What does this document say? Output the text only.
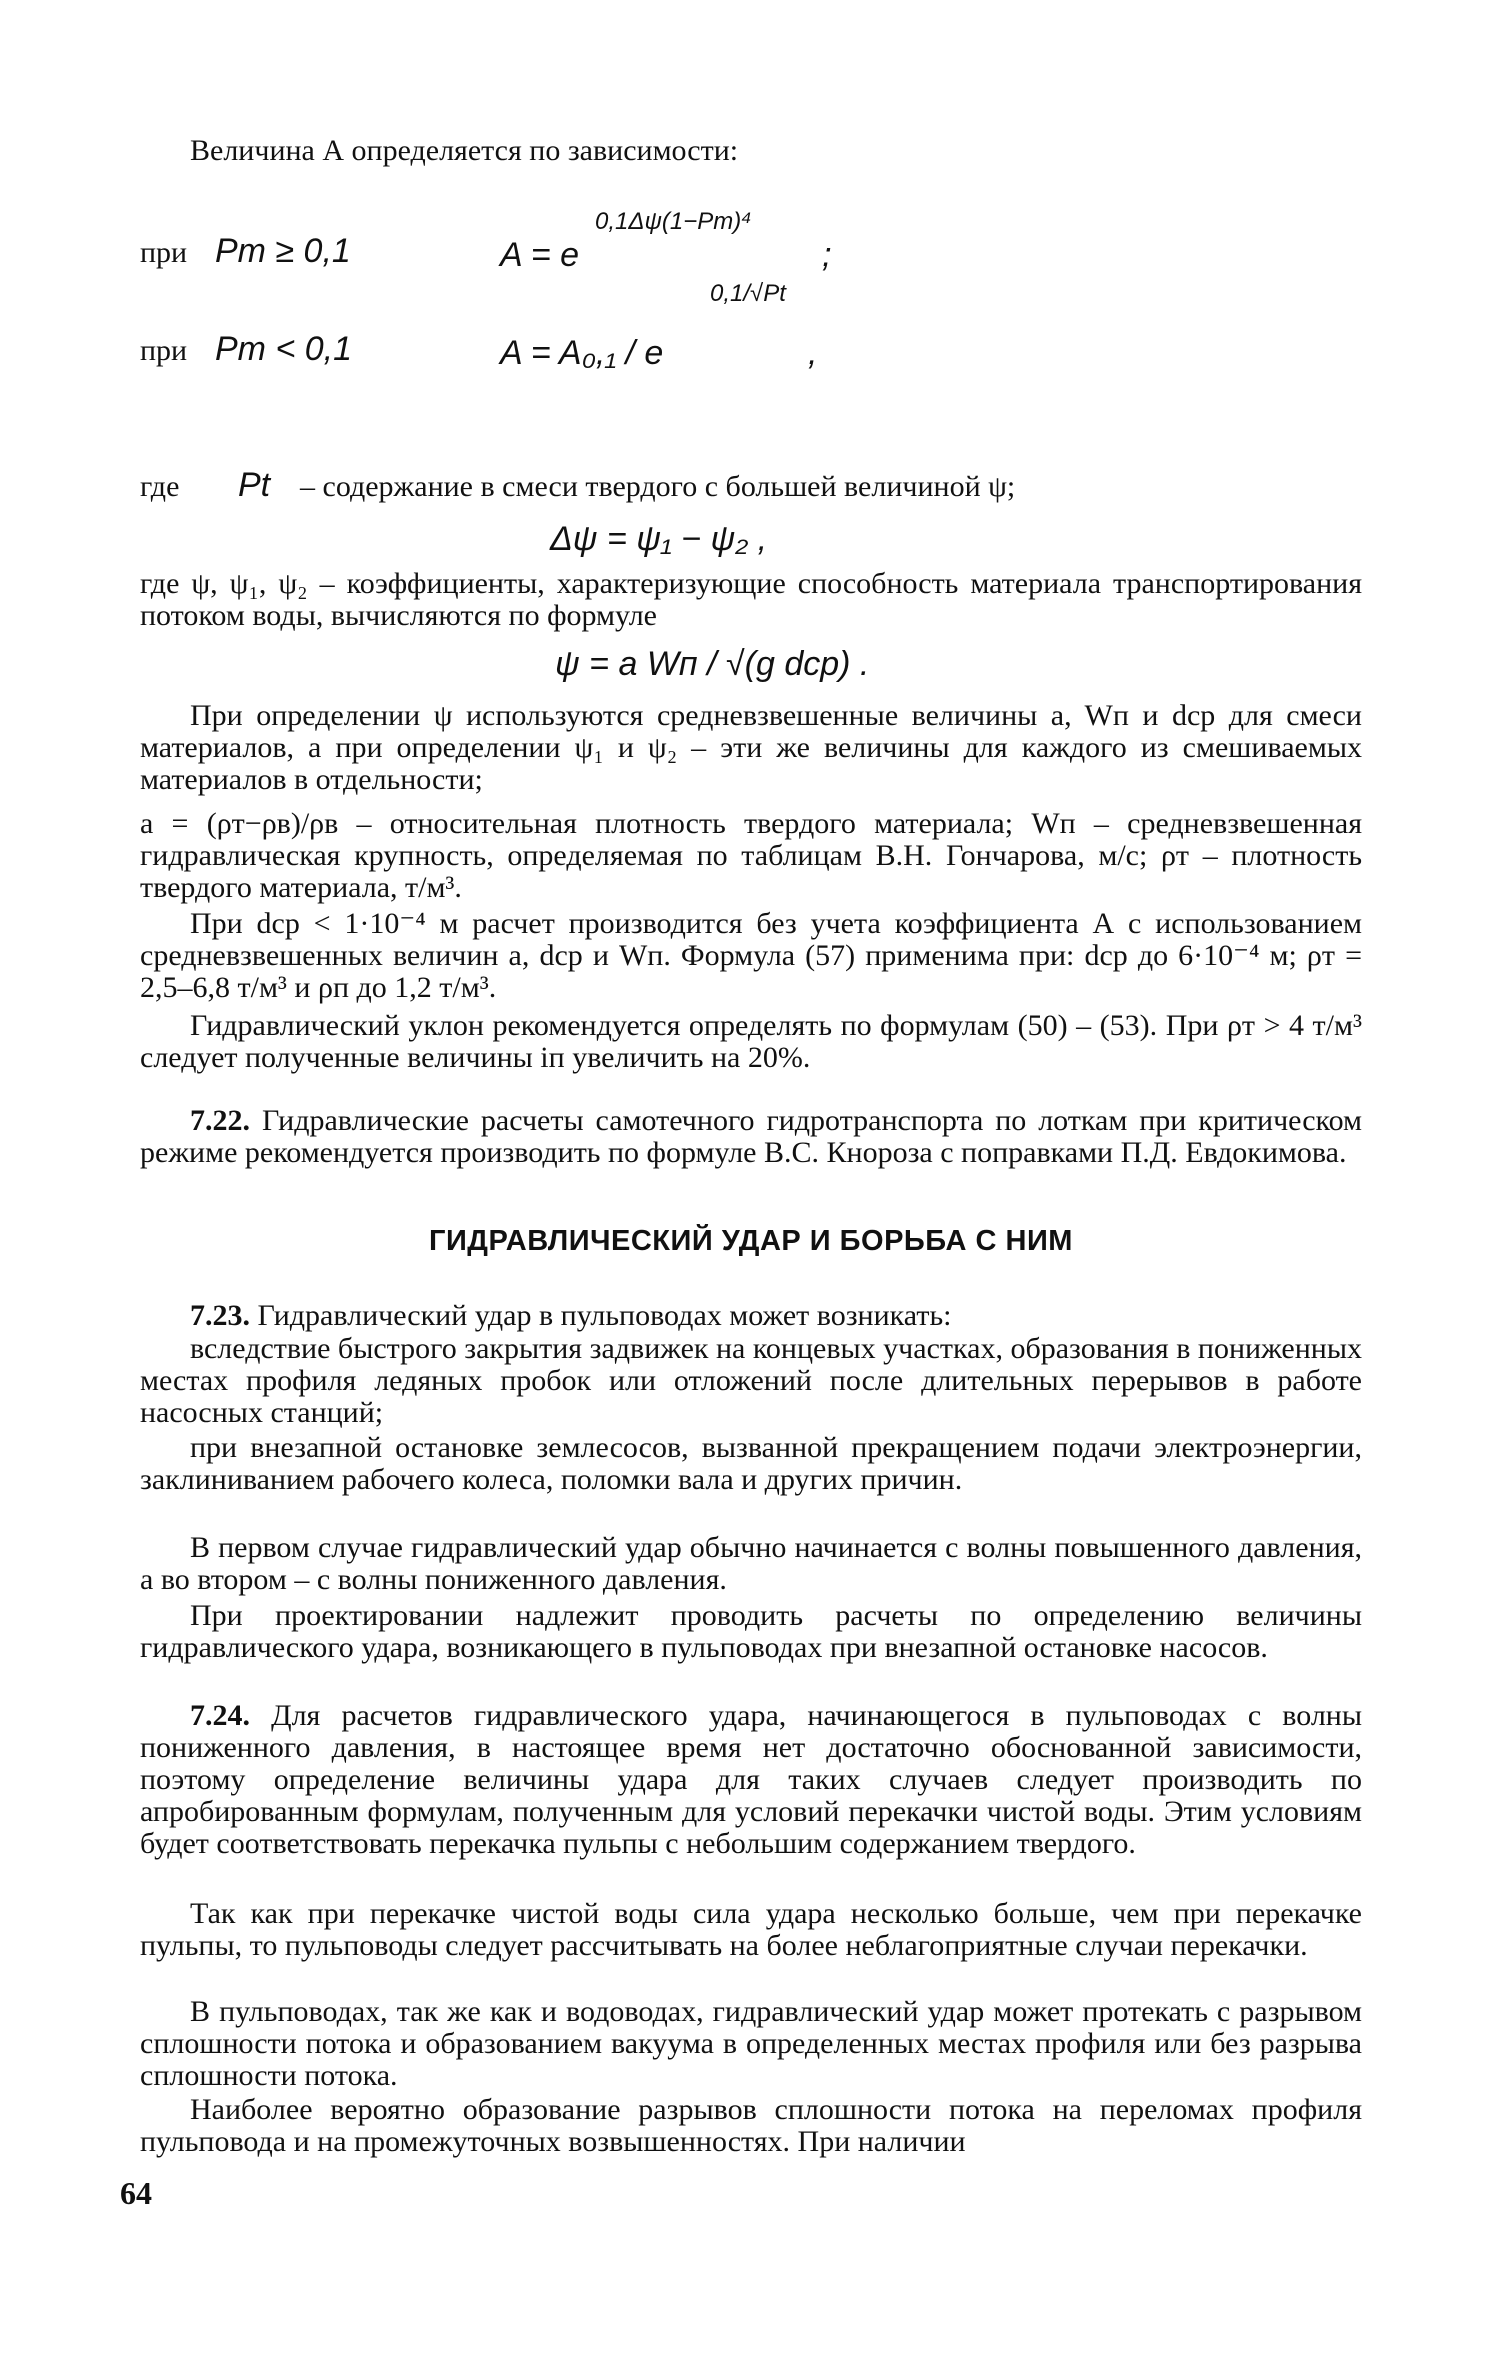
Величина А определяется по зависимости:

при Pт ≥ 0,1	A = e
0,1Δψ(1−Pт)⁴
;
при Pт < 0,1	A = A₀,₁ / e
0,1/√Pt
,
где Pt – содержание в смеси твердого с большей величиной ψ;
Δψ = ψ₁ − ψ₂ ,

где ψ, ψ₁, ψ₂ – коэффициенты, характеризующие способность материала транспортирования потоком воды, вычисляются по формуле

ψ = a Wп / √(g dср) .

При определении ψ используются средневзвешенные величины a, Wп и dср для смеси материалов, а при определении ψ₁ и ψ₂ – эти же величины для каждого из смешиваемых материалов в отдельности;

a = (ρт−ρв)/ρв – относительная плотность твердого материала; Wп – средневзвешенная гидравлическая крупность, определяемая по таблицам В.Н. Гончарова, м/с; ρт – плотность твердого материала, т/м³.

При dср < 1·10⁻⁴ м расчет производится без учета коэффициента А с использованием средневзвешенных величин a, dср и Wп. Формула (57) применима при: dср до 6·10⁻⁴ м; ρт = 2,5–6,8 т/м³ и ρп до 1,2 т/м³.

Гидравлический уклон рекомендуется определять по формулам (50) – (53). При ρт > 4 т/м³ следует полученные величины iп увеличить на 20%.

7.22. Гидравлические расчеты самотечного гидротранспорта по лоткам при критическом режиме рекомендуется производить по формуле В.С. Кнороза с поправками П.Д. Евдокимова.

ГИДРАВЛИЧЕСКИЙ УДАР И БОРЬБА С НИМ

7.23. Гидравлический удар в пульповодах может возникать:

вследствие быстрого закрытия задвижек на концевых участках, образования в пониженных местах профиля ледяных пробок или отложений после длительных перерывов в работе насосных станций;

при внезапной остановке землесосов, вызванной прекращением подачи электроэнергии, заклиниванием рабочего колеса, поломки вала и других причин.

В первом случае гидравлический удар обычно начинается с волны повышенного давления, а во втором – с волны пониженного давления.

При проектировании надлежит проводить расчеты по определению величины гидравлического удара, возникающего в пульповодах при внезапной остановке насосов.

7.24. Для расчетов гидравлического удара, начинающегося в пульповодах с волны пониженного давления, в настоящее время нет достаточно обоснованной зависимости, поэтому определение величины удара для таких случаев следует производить по апробированным формулам, полученным для условий перекачки чистой воды. Этим условиям будет соответствовать перекачка пульпы с небольшим содержанием твердого.

Так как при перекачке чистой воды сила удара несколько больше, чем при перекачке пульпы, то пульповоды следует рассчитывать на более неблагоприятные случаи перекачки.

В пульповодах, так же как и водоводах, гидравлический удар может протекать с разрывом сплошности потока и образованием вакуума в определенных местах профиля или без разрыва сплошности потока.

Наиболее вероятно образование разрывов сплошности потока на переломах профиля пульповода и на промежуточных возвышенностях. При наличии

64
